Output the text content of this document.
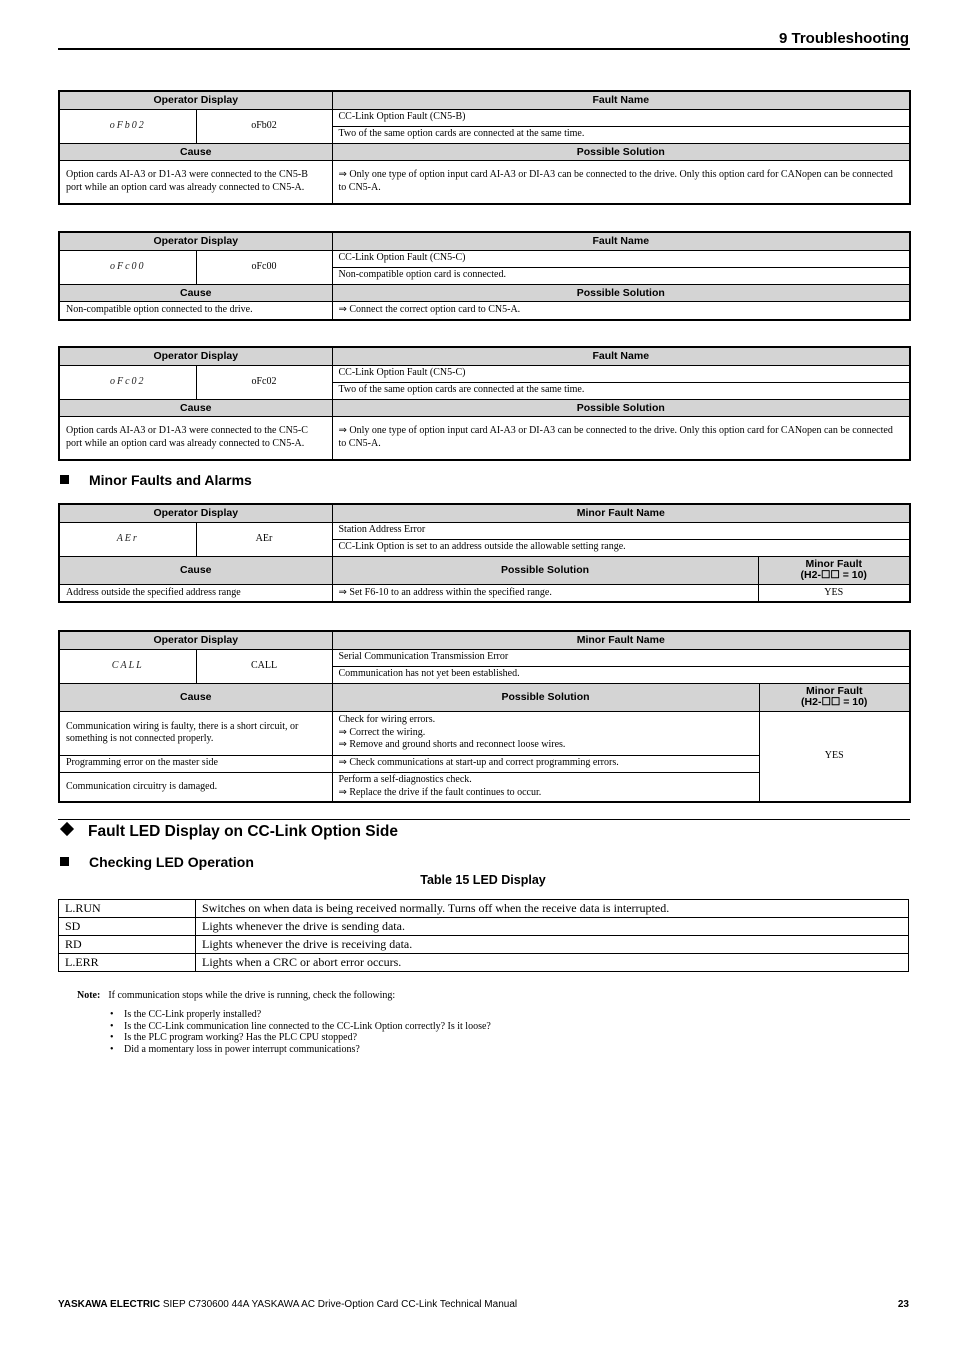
9 Troubleshooting
Operator Display		Fault Name
oFb02	oFb02	CC-Link Option Fault (CN5-B)
		Two of the same option cards are connected at the same time.
Cause		Possible Solution
Option cards AI-A3 or D1-A3 were connected to the CN5-B port while an option card was already connected to CN5-A.		⇒ Only one type of option input card AI-A3 or DI-A3 can be connected to the drive. Only this option card for CANopen can be connected to CN5-A.
Operator Display		Fault Name
oFc00	oFc00	CC-Link Option Fault (CN5-C)
		Non-compatible option card is connected.
Cause		Possible Solution
Non-compatible option connected to the drive.		⇒ Connect the correct option card to CN5-A.
Operator Display		Fault Name
oFc02	oFc02	CC-Link Option Fault (CN5-C)
		Two of the same option cards are connected at the same time.
Cause		Possible Solution
Option cards AI-A3 or D1-A3 were connected to the CN5-C port while an option card was already connected to CN5-A.		⇒ Only one type of option input card AI-A3 or DI-A3 can be connected to the drive. Only this option card for CANopen can be connected to CN5-A.
Minor Faults and Alarms
Operator Display		Minor Fault Name	
AEr	AEr	Station Address Error	
		CC-Link Option is set to an address outside the allowable setting range.	
Cause		Possible Solution	Minor Fault
(H2-☐☐ = 10)
Address outside the specified address range		⇒ Set F6-10 to an address within the specified range.	YES
Operator Display		Minor Fault Name	
CALL	CALL	Serial Communication Transmission Error	
		Communication has not yet been established.	
Cause		Possible Solution	Minor Fault
(H2-☐☐ = 10)
Communication wiring is faulty, there is a short circuit, or something is not connected properly.		Check for wiring errors.
⇒ Correct the wiring.
⇒ Remove and ground shorts and reconnect loose wires.	YES
Programming error on the master side		⇒ Check communications at start-up and correct programming errors.	
Communication circuitry is damaged.		Perform a self-diagnostics check.
⇒ Replace the drive if the fault continues to occur.	
Fault LED Display on CC-Link Option Side
Checking LED Operation
Table 15 LED Display
L.RUN	Switches on when data is being received normally. Turns off when the receive data is interrupted.
SD	Lights whenever the drive is sending data.
RD	Lights whenever the drive is receiving data.
L.ERR	Lights when a CRC or abort error occurs.
Note: If communication stops while the drive is running, check the following:
• Is the CC-Link properly installed?
• Is the CC-Link communication line connected to the CC-Link Option correctly? Is it loose?
• Is the PLC program working? Has the PLC CPU stopped?
• Did a momentary loss in power interrupt communications?
YASKAWA ELECTRIC SIEP C730600 44A YASKAWA AC Drive-Option Card CC-Link Technical Manual	23
